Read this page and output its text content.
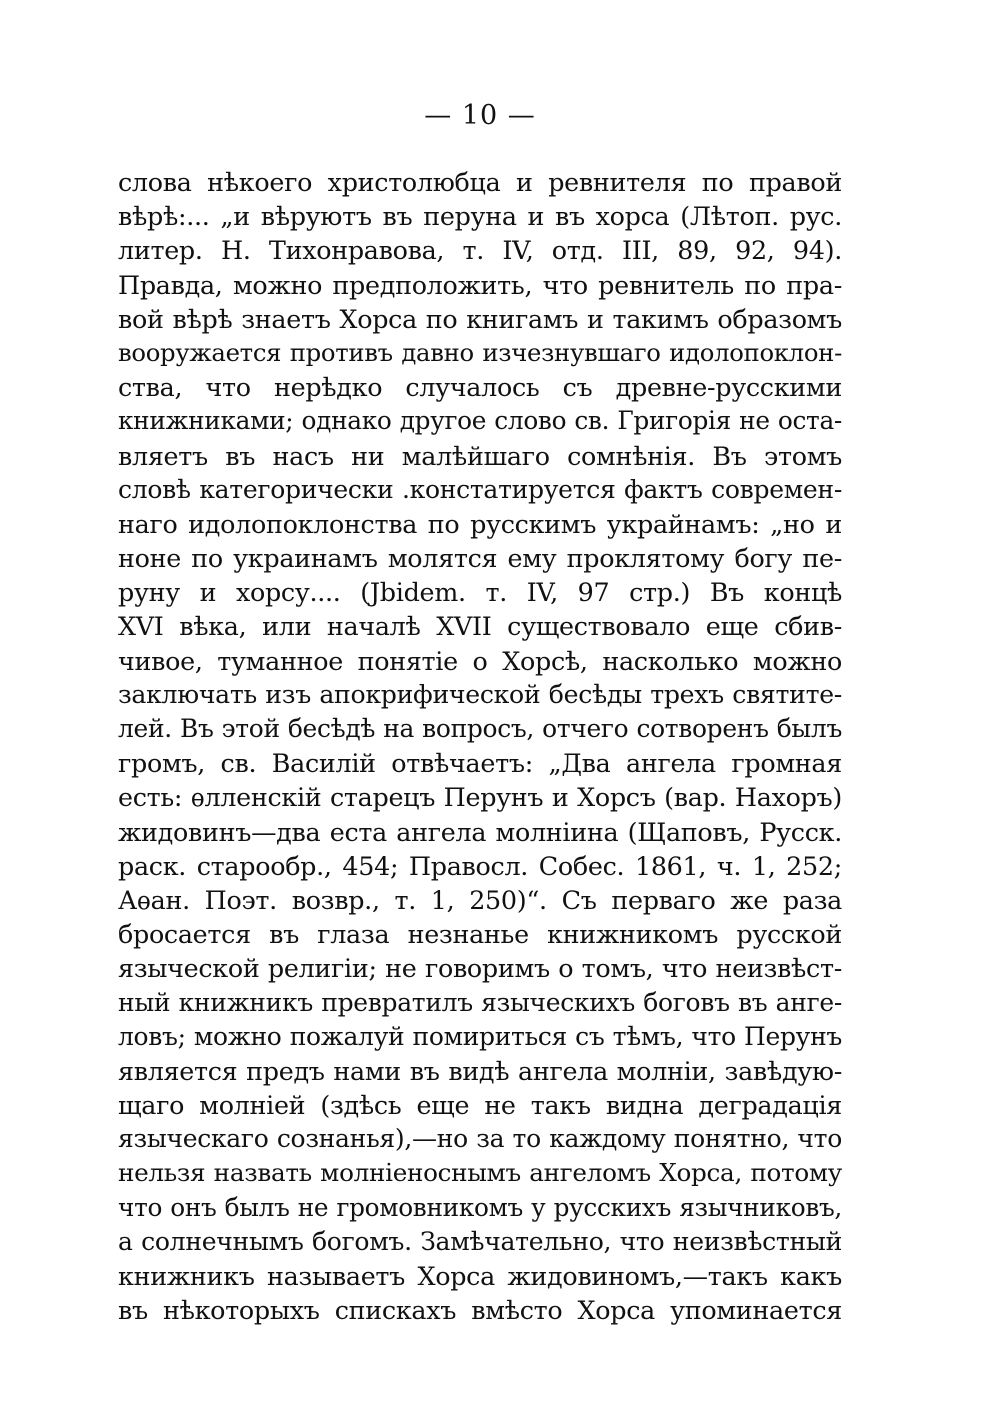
— 10 —
слова нѣкоего христолюбца и ревнителя по правой
вѣрѣ:... „и вѣруютъ въ перуна и въ хорса (Лѣтоп. рус.
литер. Н. Тихонравова, т. IV, отд. III, 89, 92, 94).
Правда, можно предположить, что ревнитель по пра-
вой вѣрѣ знаетъ Хорса по книгамъ и такимъ образомъ
вооружается противъ давно изчезнувшаго идолопоклон-
ства, что нерѣдко случалось съ древне-русскими
книжниками; однако другое слово св. Григорія не оста-
вляетъ въ насъ ни малѣйшаго сомнѣнія. Въ этомъ
словѣ категорически .констатируется фактъ современ-
наго идолопоклонства по русскимъ украйнамъ: „но и
ноне по украинамъ молятся ему проклятому богу пе-
руну и хорсу.... (Jbidem. т. IV, 97 стр.) Въ концѣ
XVI вѣка, или началѣ XVII существовало еще сбив-
чивое, туманное понятіе о Хорсѣ, насколько можно
заключать изъ апокрифической бесѣды трехъ святите-
лей. Въ этой бесѣдѣ на вопросъ, отчего сотворенъ былъ
громъ, св. Василій отвѣчаетъ: „Два ангела громная
есть: ѳлленскій старецъ Перунъ и Хорсъ (вар. Нахоръ)
жидовинъ—два еста ангела молніина (Щаповъ, Русск.
раск. старообр., 454; Правосл. Собес. 1861, ч. 1, 252;
Аѳан. Поэт. возвр., т. 1, 250)“. Съ перваго же раза
бросается въ глаза незнанье книжникомъ русской
языческой религіи; не говоримъ о томъ, что неизвѣст-
ный книжникъ превратилъ языческихъ боговъ въ анге-
ловъ; можно пожалуй помириться съ тѣмъ, что Перунъ
является предъ нами въ видѣ ангела молніи, завѣдую-
щаго молніей (здѣсь еще не такъ видна деградація
языческаго сознанья),—но за то каждому понятно, что
нельзя назвать молніеноснымъ ангеломъ Хорса, потому
что онъ былъ не громовникомъ у русскихъ язычниковъ,
а солнечнымъ богомъ. Замѣчательно, что неизвѣстный
книжникъ называетъ Хорса жидовиномъ,—такъ какъ
въ нѣкоторыхъ спискахъ вмѣсто Хорса упоминается
